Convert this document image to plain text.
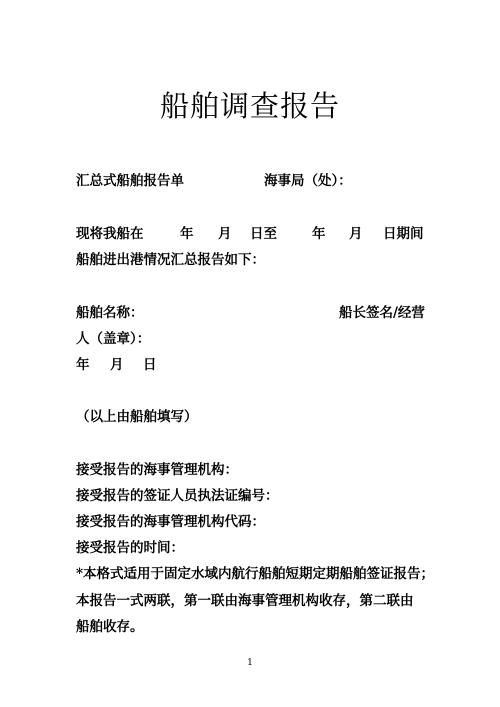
船舶调查报告
汇总式船舶报告单	海事局（处）：
现将我船在	年 月 日至	年 月 日期间
船舶进出港情况汇总报告如下：
船舶名称：	船长签名/经营
人（盖章）：
年 月 日
（以上由船舶填写）
接受报告的海事管理机构：
接受报告的签证人员执法证编号：
接受报告的海事管理机构代码：
接受报告的时间：
*本格式适用于固定水域内航行船舶短期定期船舶签证报告；
本报告一式两联，第一联由海事管理机构收存，第二联由
船舶收存。
1
